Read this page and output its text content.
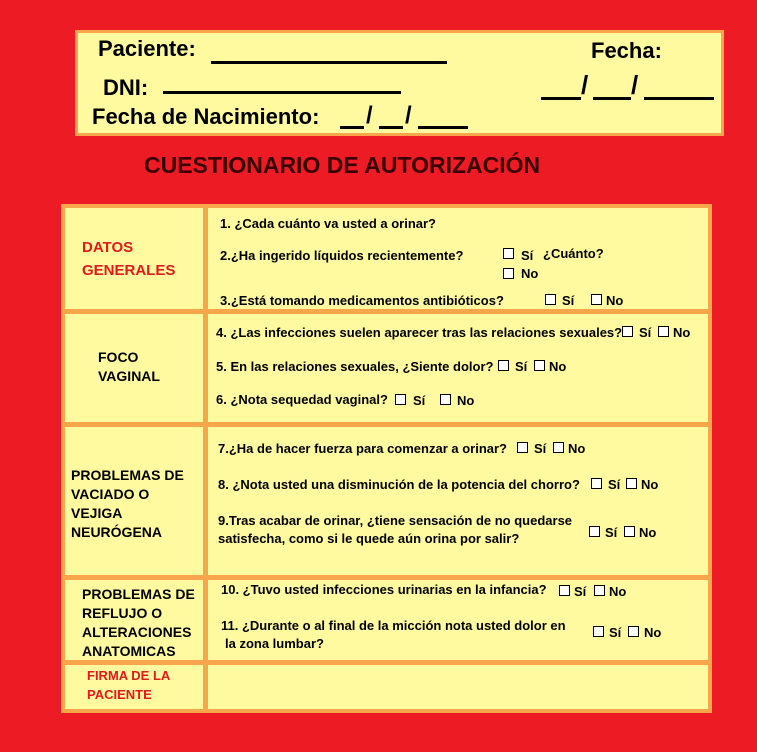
Paciente:	Fecha:
DNI:	/ /
Fecha de Nacimiento: / /
CUESTIONARIO DE AUTORIZACIÓN
DATOS GENERALES
1. ¿Cada cuánto va usted a orinar?
2.¿Ha ingerido líquidos recientemente?	Sí ¿Cuánto?
No
3.¿Está tomando medicamentos antibióticos?	Sí No
FOCO VAGINAL
4. ¿Las infecciones suelen aparecer tras las relaciones sexuales? Sí No
5. En las relaciones sexuales, ¿Siente dolor? Sí No
6. ¿Nota sequedad vaginal? Sí No
PROBLEMAS DE VACIADO O VEJIGA NEURÓGENA
7.¿Ha de hacer fuerza para comenzar a orinar? Sí No
8. ¿Nota usted una disminución de la potencia del chorro? Sí No
9.Tras acabar de orinar, ¿tiene sensación de no quedarse
satisfecha, como si le quede aún orina por salir?	Sí No
PROBLEMAS DE REFLUJO O ALTERACIONES ANATOMICAS
10. ¿Tuvo usted infecciones urinarias en la infancia? Sí No
11. ¿Durante o al final de la micción nota usted dolor en
la zona lumbar?
Sí No
FIRMA DE LA PACIENTE
